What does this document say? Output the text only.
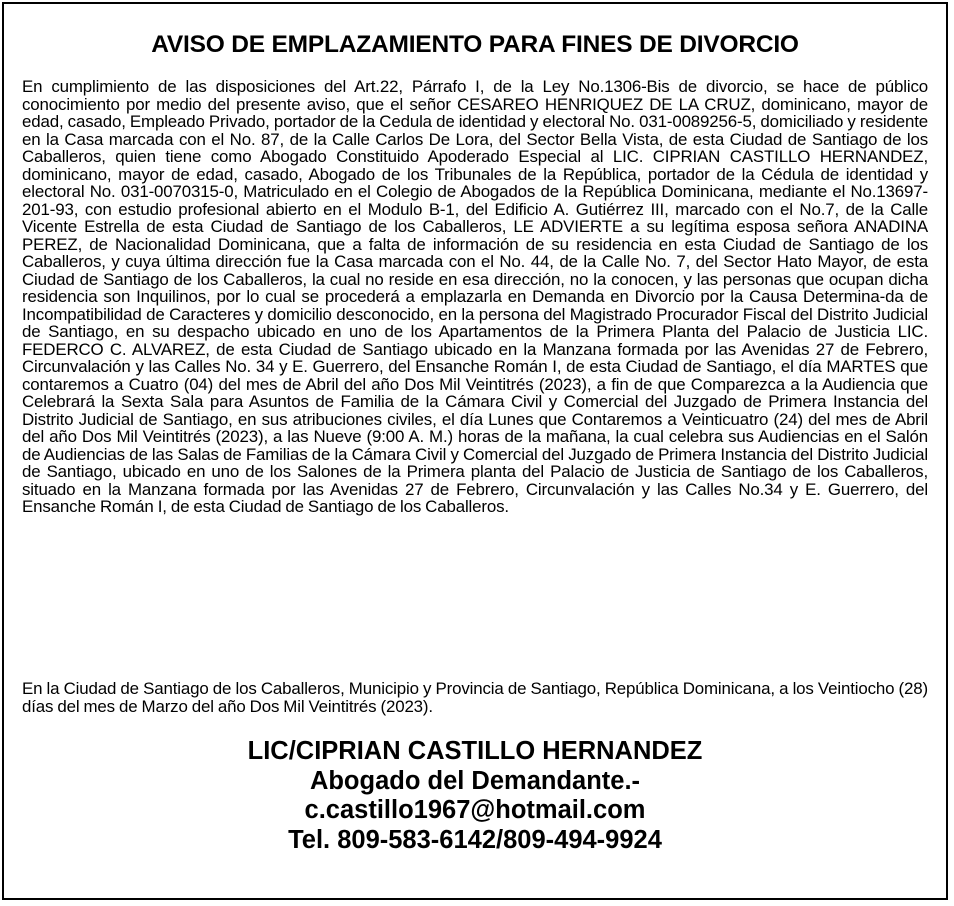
AVISO DE EMPLAZAMIENTO PARA FINES DE DIVORCIO

En cumplimiento de las disposiciones del Art.22, Párrafo I, de la Ley No.1306-Bis de divorcio, se hace de público conocimiento por medio del presente aviso, que el señor CESAREO HENRIQUEZ DE LA CRUZ, dominicano, mayor de edad, casado, Empleado Privado, portador de la Cedula de identidad y electoral No. 031-0089256-5, domiciliado y residente en la Casa marcada con el No. 87, de la Calle Carlos De Lora, del Sector Bella Vista, de esta Ciudad de Santiago de los Caballeros, quien tiene como Abogado Constituido Apoderado Especial al LIC. CIPRIAN CASTILLO HERNANDEZ, dominicano, mayor de edad, casado, Abogado de los Tribunales de la República, portador de la Cédula de identidad y electoral No. 031-0070315-0, Matriculado en el Colegio de Abogados de la República Dominicana, mediante el No.13697-201-93, con estudio profesional abierto en el Modulo B-1, del Edificio A. Gutiérrez III, marcado con el No.7, de la Calle Vicente Estrella de esta Ciudad de Santiago de los Caballeros, LE ADVIERTE a su legítima esposa señora ANADINA PEREZ, de Nacionalidad Dominicana, que a falta de información de su residencia en esta Ciudad de Santiago de los Caballeros, y cuya última dirección fue la Casa marcada con el No. 44, de la Calle No. 7, del Sector Hato Mayor, de esta Ciudad de Santiago de los Caballeros, la cual no reside en esa dirección, no la conocen, y las personas que ocupan dicha residencia son Inquilinos, por lo cual se procederá a emplazarla en Demanda en Divorcio por la Causa Determina-da de Incompatibilidad de Caracteres y domicilio desconocido, en la persona del Magistrado Procurador Fiscal del Distrito Judicial de Santiago, en su despacho ubicado en uno de los Apartamentos de la Primera Planta del Palacio de Justicia LIC. FEDERCO C. ALVAREZ, de esta Ciudad de Santiago ubicado en la Manzana formada por las Avenidas 27 de Febrero, Circunvalación y las Calles No. 34 y E. Guerrero, del Ensanche Román I, de esta Ciudad de Santiago, el día MARTES que contaremos a Cuatro (04) del mes de Abril del año Dos Mil Veintitrés (2023), a fin de que Comparezca a la Audiencia que Celebrará la Sexta Sala para Asuntos de Familia de la Cámara Civil y Comercial del Juzgado de Primera Instancia del Distrito Judicial de Santiago, en sus atribuciones civiles, el día Lunes que Contaremos a Veinticuatro (24) del mes de Abril del año Dos Mil Veintitrés (2023), a las Nueve (9:00 A. M.) horas de la mañana, la cual celebra sus Audiencias en el Salón de Audiencias de las Salas de Familias de la Cámara Civil y Comercial del Juzgado de Primera Instancia del Distrito Judicial de Santiago, ubicado en uno de los Salones de la Primera planta del Palacio de Justicia de Santiago de los Caballeros, situado en la Manzana formada por las Avenidas 27 de Febrero, Circunvalación y las Calles No.34 y E. Guerrero, del Ensanche Román I, de esta Ciudad de Santiago de los Caballeros.

En la Ciudad de Santiago de los Caballeros, Municipio y Provincia de Santiago, República Dominicana, a los Veintiocho (28) días del mes de Marzo del año Dos Mil Veintitrés (2023).

LIC/CIPRIAN CASTILLO HERNANDEZ
Abogado del Demandante.-
c.castillo1967@hotmail.com
Tel. 809-583-6142/809-494-9924
